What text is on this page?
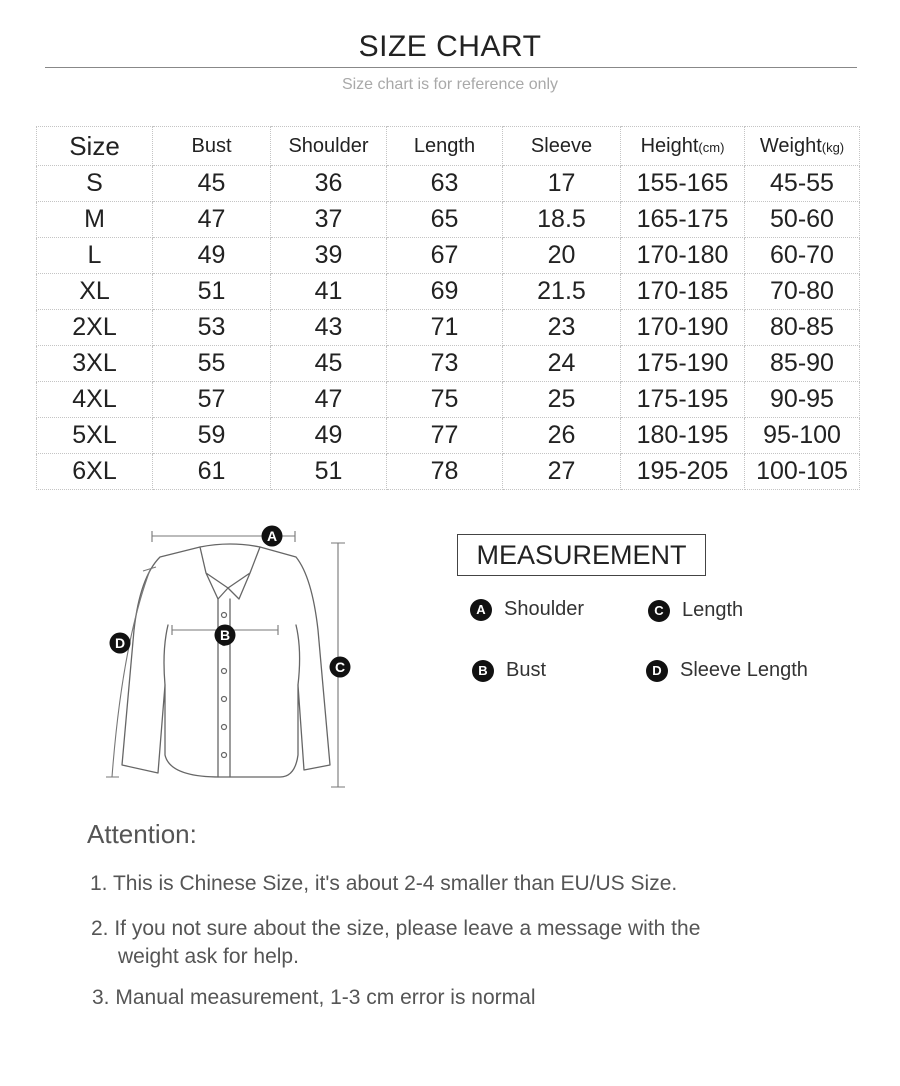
SIZE CHART
Size chart is for reference only
Size	Bust	Shoulder	Length	Sleeve	Height(cm)	Weight(kg)
S	45	36	63	17	155-165	45-55
M	47	37	65	18.5	165-175	50-60
L	49	39	67	20	170-180	60-70
XL	51	41	69	21.5	170-185	70-80
2XL	53	43	71	23	170-190	80-85
3XL	55	45	73	24	175-190	85-90
4XL	57	47	75	25	175-195	90-95
5XL	59	49	77	26	180-195	95-100
6XL	61	51	78	27	195-205	100-105
A
B
C
D
MEASUREMENT
A Shoulder	C Length
B Bust	D Sleeve Length
Attention:
1. This is Chinese Size, it's about 2-4 smaller than EU/US Size.
2. If you not sure about the size, please leave a message with the
weight ask for help.
3. Manual measurement, 1-3 cm error is normal
